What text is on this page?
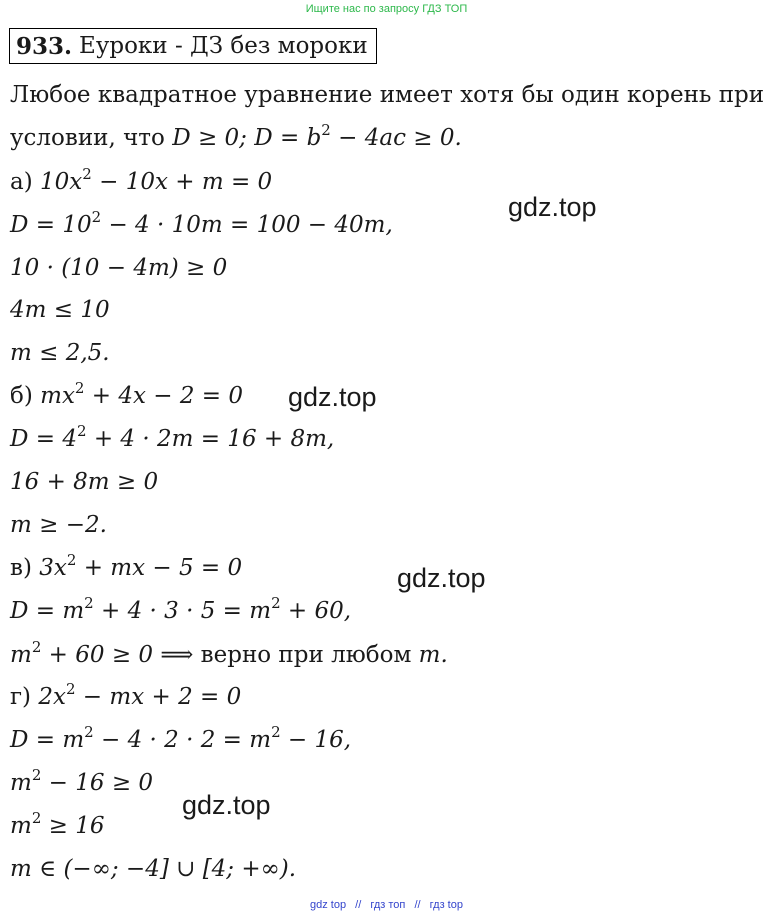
Ищите нас по запросу ГДЗ ТОП
933. Еуроки - ДЗ без мороки
Любое квадратное уравнение имеет хотя бы один корень при
условии, что D ≥ 0; $D = b^2 - 4ac \ge 0$.
а) $10x^2 - 10x + m = 0$
$D = 10^2 - 4 \cdot 10m = 100 - 40m$,
10 · (10 − 4m) ≥ 0
4m ≤ 10
m ≤ 2,5.
б) $mx^2 + 4x - 2 = 0$
$D = 4^2 + 4 \cdot 2m = 16 + 8m$,
16 + 8m ≥ 0
m ≥ −2.
в) $3x^2$ + mx − 5 = 0
$D = m^2 + 4 \cdot 3 \cdot 5 = m^2 + 60$,
$m^2 + 60 \ge 0$ ⟹ верно при любом m.
г) $2x^2$ − mx + 2 = 0
$D = m^2 - 4 \cdot 2 \cdot 2 = m^2 - 16$,
$m^2 - 16 \ge 0$
$m^2 \ge 16$
m ∈ (−∞; −4] ∪ [4; +∞).
gdz.top
gdz.top
gdz.top
gdz.top
gdz top // гдз топ // гдз top
